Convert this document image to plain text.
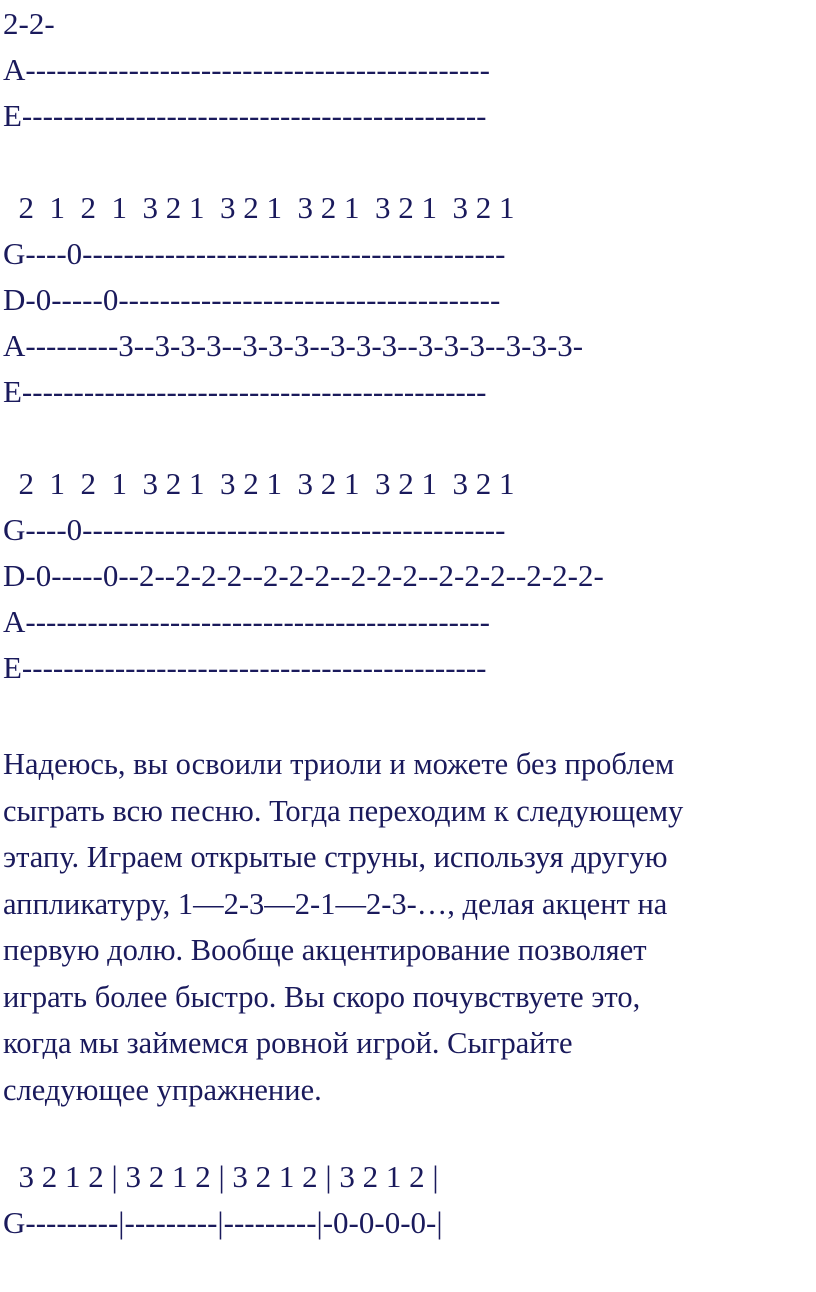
2-2-
A---------------------------------------------
E---------------------------------------------
2  1  2  1  3 2 1  3 2 1  3 2 1  3 2 1  3 2 1
G----0-----------------------------------------
D-0-----0-------------------------------------
A---------3--3-3-3--3-3-3--3-3-3--3-3-3--3-3-3-
E---------------------------------------------
2  1  2  1  3 2 1  3 2 1  3 2 1  3 2 1  3 2 1
G----0-----------------------------------------
D-0-----0--2--2-2-2--2-2-2--2-2-2--2-2-2--2-2-2-
A---------------------------------------------
E---------------------------------------------
Надеюсь, вы освоили триоли и можете без проблем
сыграть всю песню. Тогда переходим к следующему
этапу. Играем открытые струны, используя другую
аппликатуру, 1—2-3—2-1—2-3-…, делая акцент на
первую долю. Вообще акцентирование позволяет
играть более быстро. Вы скоро почувствуете это,
когда мы займемся ровной игрой. Сыграйте
следующее упражнение.
3 2 1 2 | 3 2 1 2 | 3 2 1 2 | 3 2 1 2 |
G---------|---------|---------|-0-0-0-0-|
